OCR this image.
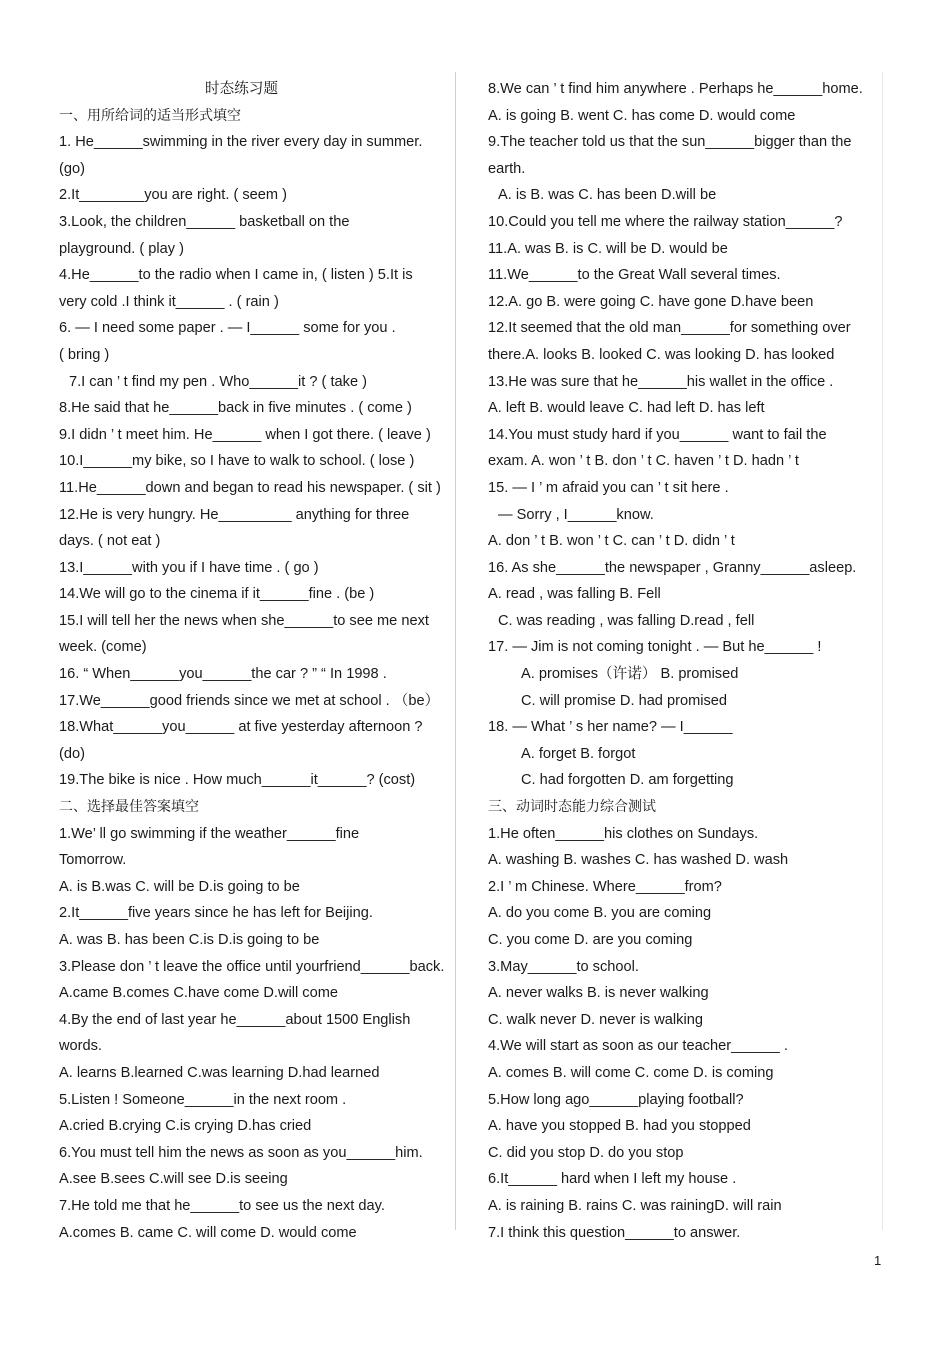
时态练习题
一、用所给词的适当形式填空
1. He______swimming in the river every day in summer.
(go)
2.It________you are right. ( seem )
3.Look, the children______ basketball on the
playground. ( play )
4.He______to the radio when I came in, ( listen ) 5.It is
very cold .I think it______ . ( rain )
6. — I need some paper . — I______ some for you .
( bring )
7.I can ’ t find my pen . Who______it ? ( take )
8.He said that he______back in five minutes . ( come )
9.I didn ’ t meet him. He______ when I got there. ( leave )
10.I______my bike, so I have to walk to school. ( lose )
11.He______down and began to read his newspaper. ( sit )
12.He is very hungry. He_________ anything for three
days. ( not eat )
13.I______with you if I have time . ( go )
14.We will go to the cinema if it______fine . (be )
15.I will tell her the news when she______to see me next
week. (come)
16. “ When______you______the car ? ” “ In 1998 .
17.We______good friends since we met at school . （be）
18.What______you______ at five yesterday afternoon ?
(do)
19.The bike is nice . How much______it______? (cost)
二、选择最佳答案填空
1.We’ ll go swimming if the weather______fine
Tomorrow.
A. is B.was C. will be D.is going to be
2.It______five years since he has left for Beijing.
A. was B. has been C.is D.is going to be
3.Please don ’ t leave the office until yourfriend______back.
A.came B.comes C.have come D.will come
4.By the end of last year he______about 1500 English
words.
A. learns B.learned C.was learning D.had learned
5.Listen ! Someone______in the next room .
A.cried B.crying C.is crying D.has cried
6.You must tell him the news as soon as you______him.
A.see B.sees C.will see D.is seeing
7.He told me that he______to see us the next day.
A.comes B. came C. will come D. would come
8.We can ’ t find him anywhere . Perhaps he______home.
A. is going B. went C. has come D. would come
9.The teacher told us that the sun______bigger than the
earth.
A. is B. was C. has been D.will be
10.Could you tell me where the railway station______?
11.A. was B. is C. will be D. would be
11.We______to the Great Wall several times.
12.A. go B. were going C. have gone D.have been
12.It seemed that the old man______for something over
there.A. looks B. looked C. was looking D. has looked
13.He was sure that he______his wallet in the office .
A. left B. would leave C. had left D. has left
14.You must study hard if you______ want to fail the
exam. A. won ’ t B. don ’ t C. haven ’ t D. hadn ’ t
15. — I ’ m afraid you can ’ t sit here .
— Sorry , I______know.
A. don ’ t B. won ’ t C. can ’ t D. didn ’ t
16. As she______the newspaper , Granny______asleep.
A. read , was falling B. Fell
C. was reading , was falling D.read , fell
17. — Jim is not coming tonight . — But he______ !
A. promises（许诺） B. promised
C. will promise D. had promised
18. — What ’ s her name? — I______
A. forget B. forgot
C. had forgotten D. am forgetting
三、动词时态能力综合测试
1.He often______his clothes on Sundays.
A. washing B. washes C. has washed D. wash
2.I ’ m Chinese. Where______from?
A. do you come B. you are coming
C. you come D. are you coming
3.May______to school.
A. never walks B. is never walking
C. walk never D. never is walking
4.We will start as soon as our teacher______ .
A. comes B. will come C. come D. is coming
5.How long ago______playing football?
A. have you stopped B. had you stopped
C. did you stop D. do you stop
6.It______ hard when I left my house .
A. is raining B. rains C. was rainingD. will rain
7.I think this question______to answer.
1
